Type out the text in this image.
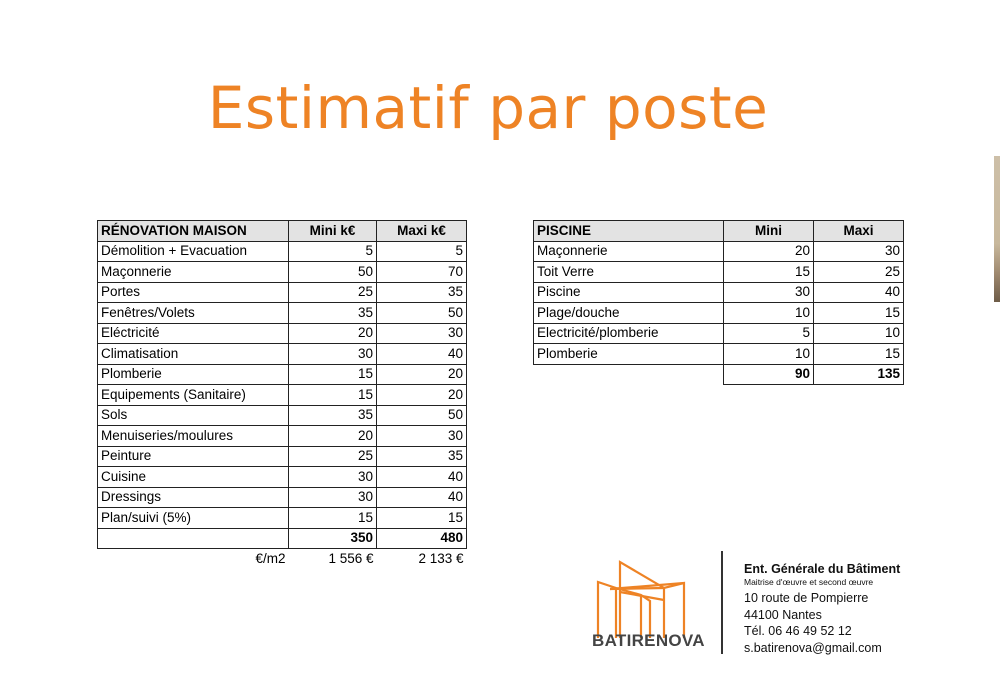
Estimatif par poste
RÉNOVATION MAISON	Mini k€	Maxi k€
Démolition + Evacuation	5	5
Maçonnerie	50	70
Portes	25	35
Fenêtres/Volets	35	50
Eléctricité	20	30
Climatisation	30	40
Plomberie	15	20
Equipements (Sanitaire)	15	20
Sols	35	50
Menuiseries/moulures	20	30
Peinture	25	35
Cuisine	30	40
Dressings	30	40
Plan/suivi (5%)	15	15
	350	480
€/m2	1 556 €	2 133 €
PISCINE	Mini	Maxi
Maçonnerie	20	30
Toit Verre	15	25
Piscine	30	40
Plage/douche	10	15
Electricité/plomberie	5	10
Plomberie	10	15
	90	135
BATIRENOVA
Ent. Générale du Bâtiment
Maitrise d'œuvre et second œuvre
10 route de Pompierre
44100 Nantes
Tél. 06 46 49 52 12
s.batirenova@gmail.com
